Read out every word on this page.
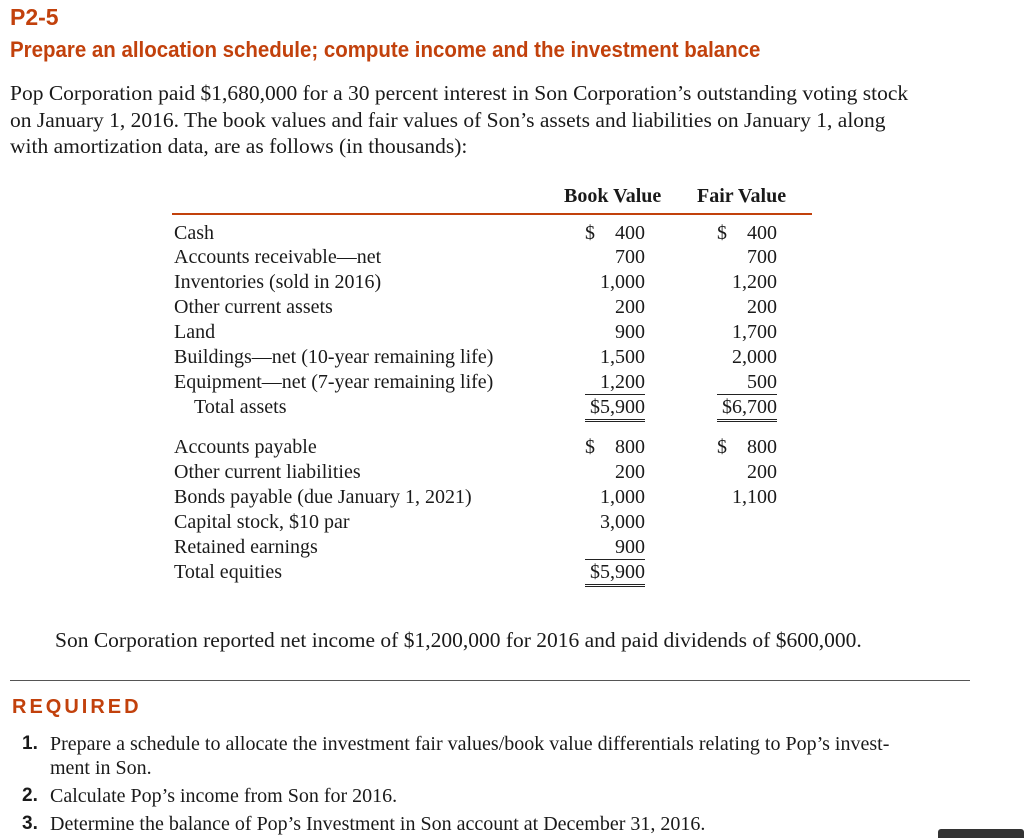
P2-5
Prepare an allocation schedule; compute income and the investment balance
Pop Corporation paid $1,680,000 for a 30 percent interest in Son Corporation’s outstanding voting stock
on January 1, 2016. The book values and fair values of Son’s assets and liabilities on January 1, along
with amortization data, are as follows (in thousands):
Book Value Fair Value
Cash	$ 400	$ 400
Accounts receivable—net	700	700
Inventories (sold in 2016)	1,000	1,200
Other current assets	200	200
Land	900	1,700
Buildings—net (10-year remaining life)	1,500	2,000
Equipment—net (7-year remaining life)	1,200	500
Total assets	$5,900	$6,700
Accounts payable	$ 800	$ 800
Other current liabilities	200	200
Bonds payable (due January 1, 2021)	1,000	1,100
Capital stock, $10 par	3,000
Retained earnings	900
Total equities	$5,900
Son Corporation reported net income of $1,200,000 for 2016 and paid dividends of $600,000.
REQUIRED
1. Prepare a schedule to allocate the investment fair values/book value differentials relating to Pop’s invest-
ment in Son.
2. Calculate Pop’s income from Son for 2016.
3. Determine the balance of Pop’s Investment in Son account at December 31, 2016.
